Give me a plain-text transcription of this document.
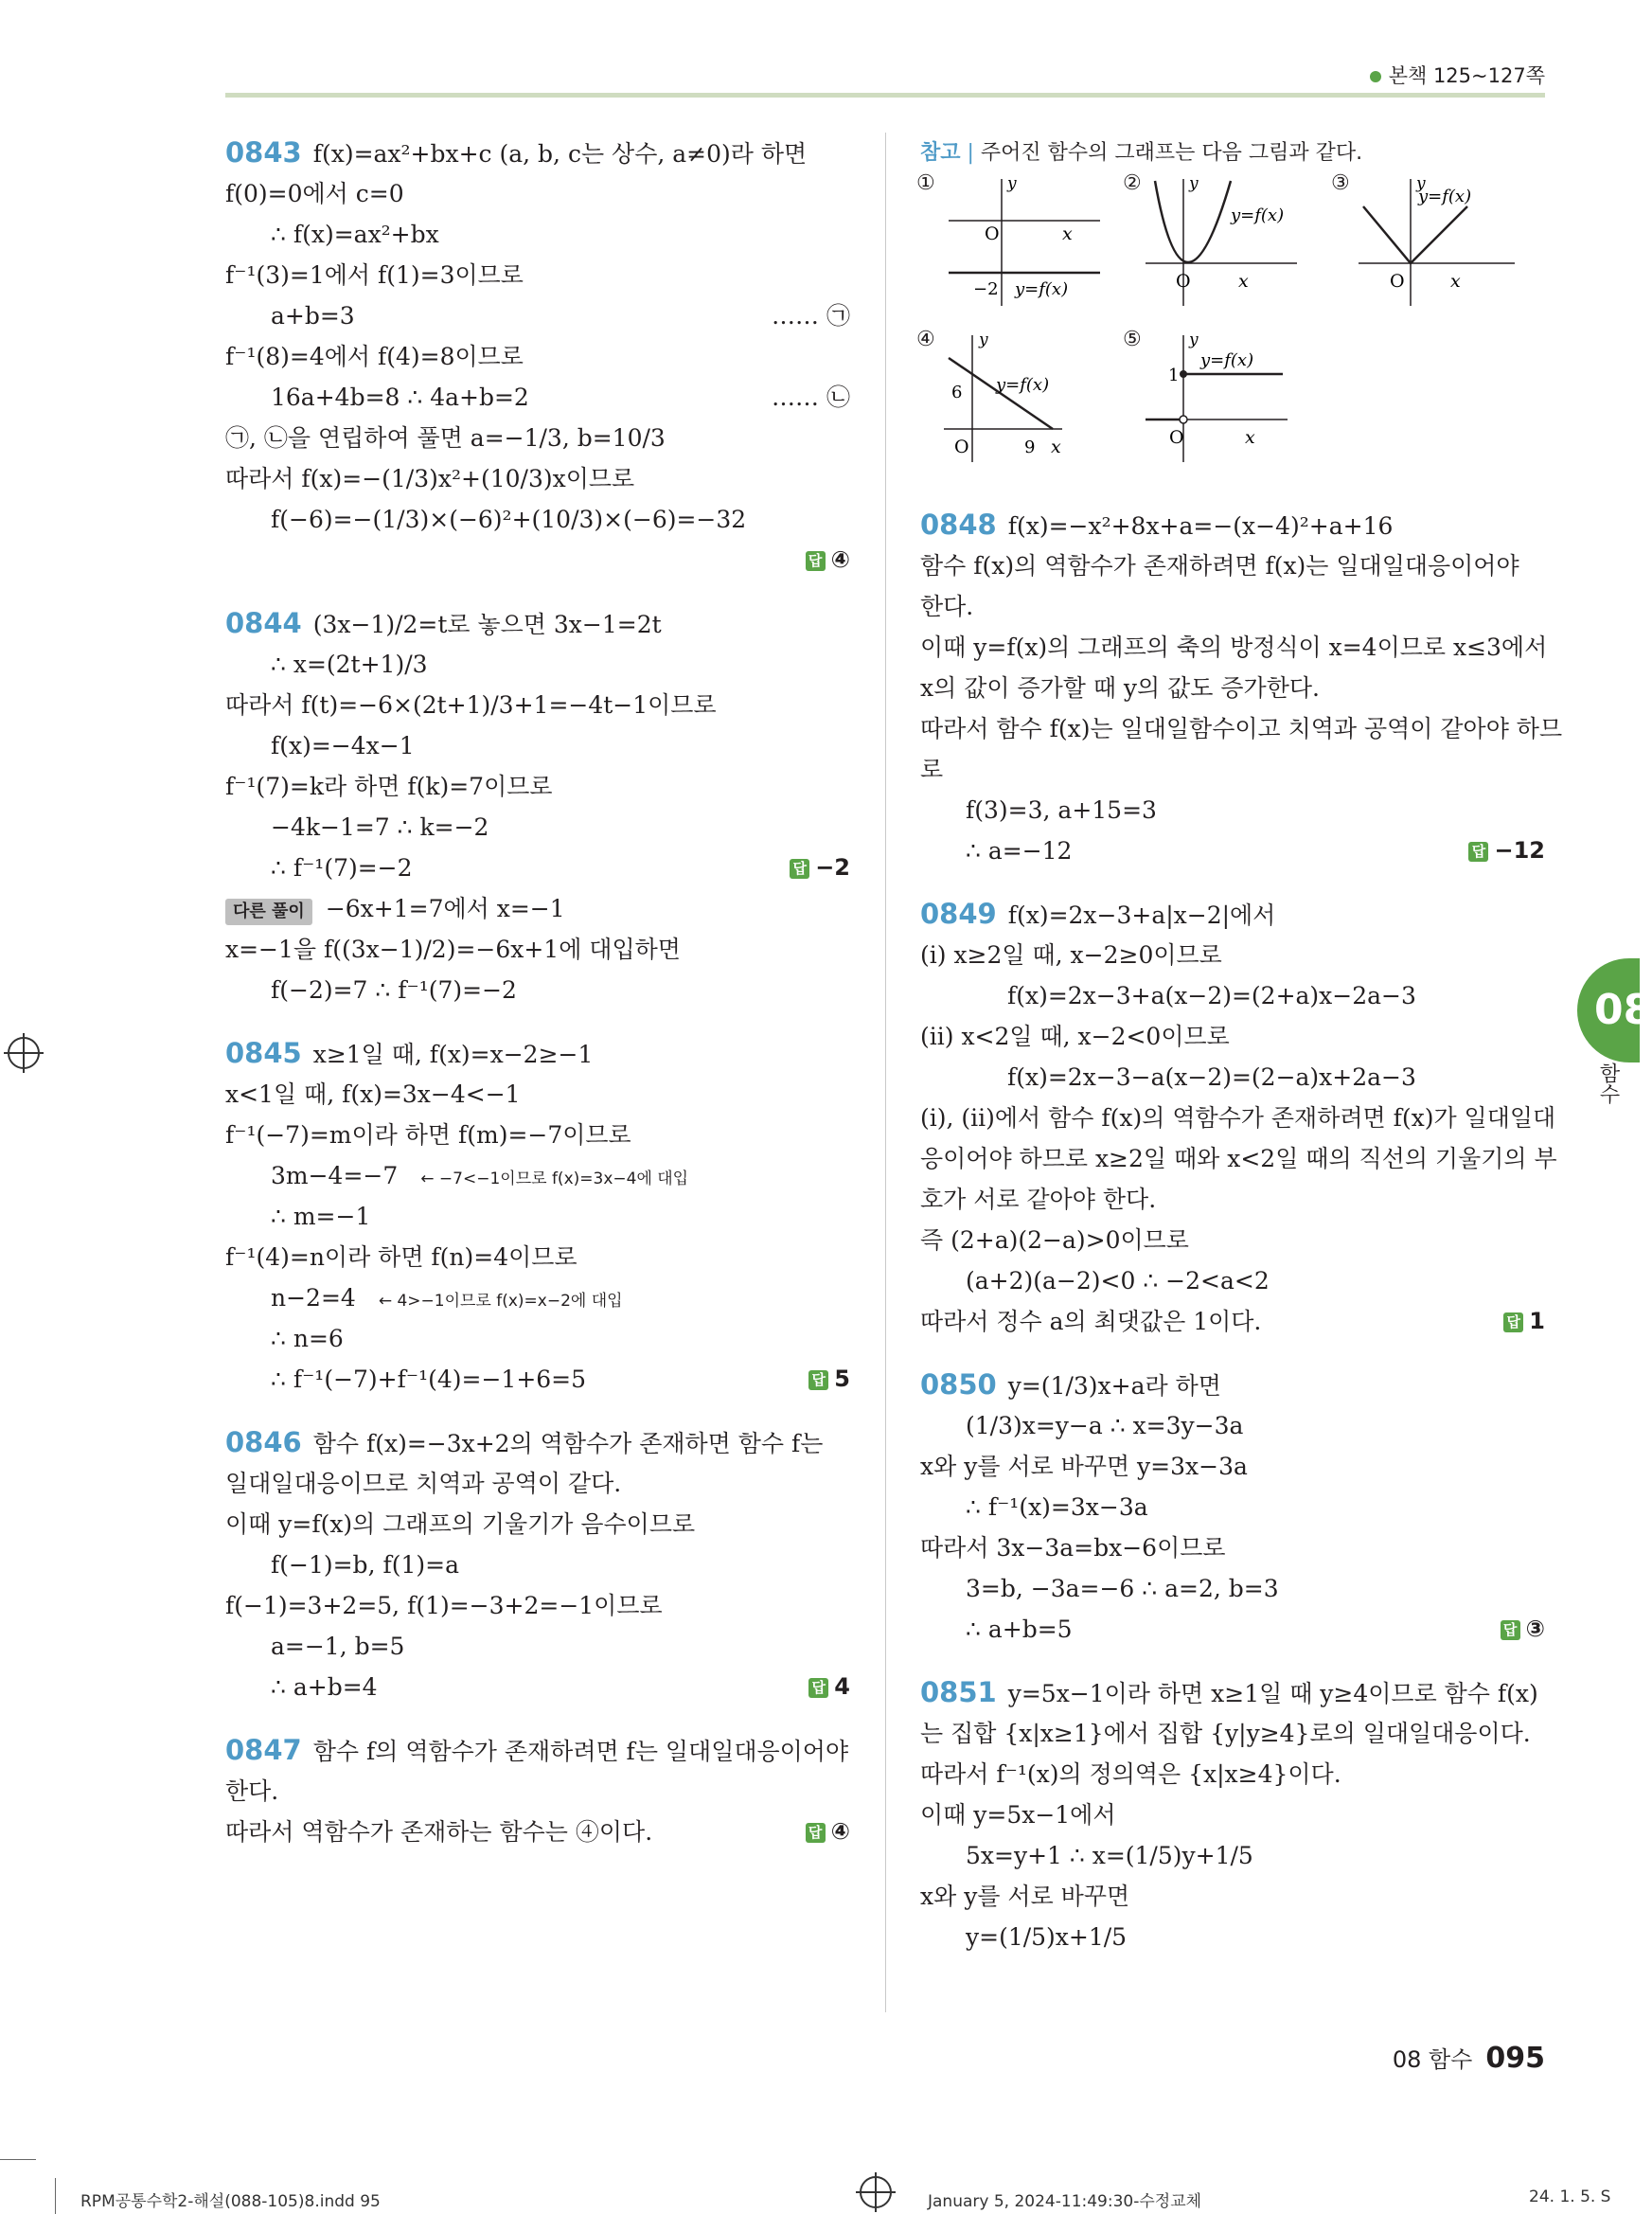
본책 125~127쪽
0843 f(x)=ax²+bx+c (a, b, c는 상수, a≠0)라 하면
f(0)=0에서 c=0
∴ f(x)=ax²+bx
f⁻¹(3)=1에서 f(1)=3이므로
a+b=3	…… ㉠
f⁻¹(8)=4에서 f(4)=8이므로
16a+4b=8 ∴ 4a+b=2	…… ㉡
㉠, ㉡을 연립하여 풀면 a=−1/3, b=10/3
따라서 f(x)=−(1/3)x²+(10/3)x이므로
f(−6)=−(1/3)×(−6)²+(10/3)×(−6)=−32
답 ④
0844 (3x−1)/2=t로 놓으면 3x−1=2t
∴ x=(2t+1)/3
따라서 f(t)=−6×(2t+1)/3+1=−4t−1이므로
f(x)=−4x−1
f⁻¹(7)=k라 하면 f(k)=7이므로
−4k−1=7 ∴ k=−2
∴ f⁻¹(7)=−2	답 −2
다른 풀이 −6x+1=7에서 x=−1
x=−1을 f((3x−1)/2)=−6x+1에 대입하면
f(−2)=7 ∴ f⁻¹(7)=−2
0845 x≥1일 때, f(x)=x−2≥−1
x<1일 때, f(x)=3x−4<−1
f⁻¹(−7)=m이라 하면 f(m)=−7이므로
3m−4=−7 ← −7<−1이므로 f(x)=3x−4에 대입
∴ m=−1
f⁻¹(4)=n이라 하면 f(n)=4이므로
n−2=4 ← 4>−1이므로 f(x)=x−2에 대입
∴ n=6
∴ f⁻¹(−7)+f⁻¹(4)=−1+6=5	답 5
0846 함수 f(x)=−3x+2의 역함수가 존재하면 함수 f는
일대일대응이므로 치역과 공역이 같다.
이때 y=f(x)의 그래프의 기울기가 음수이므로
f(−1)=b, f(1)=a
f(−1)=3+2=5, f(1)=−3+2=−1이므로
a=−1, b=5
∴ a+b=4	답 4
0847 함수 f의 역함수가 존재하려면 f는 일대일대응이어야
한다.
따라서 역함수가 존재하는 함수는 ④이다.	답 ④
참고 | 주어진 함수의 그래프는 다음 그림과 같다.
①	y
O	x
−2 y=f(x)
②	y
O	x
y=f(x)
③	y
O	x
y=f(x)
④	y
O
6
9 x
y=f(x)
⑤	y
1
O	x
y=f(x)
0848 f(x)=−x²+8x+a=−(x−4)²+a+16
함수 f(x)의 역함수가 존재하려면 f(x)는 일대일대응이어야
한다.
이때 y=f(x)의 그래프의 축의 방정식이 x=4이므로 x≤3에서
x의 값이 증가할 때 y의 값도 증가한다.
따라서 함수 f(x)는 일대일함수이고 치역과 공역이 같아야 하므
로
f(3)=3, a+15=3
∴ a=−12	답 −12
0849 f(x)=2x−3+a|x−2|에서
(i) x≥2일 때, x−2≥0이므로
f(x)=2x−3+a(x−2)=(2+a)x−2a−3
(ii) x<2일 때, x−2<0이므로
f(x)=2x−3−a(x−2)=(2−a)x+2a−3
(i), (ii)에서 함수 f(x)의 역함수가 존재하려면 f(x)가 일대일대
응이어야 하므로 x≥2일 때와 x<2일 때의 직선의 기울기의 부
호가 서로 같아야 한다.
즉 (2+a)(2−a)>0이므로
(a+2)(a−2)<0 ∴ −2<a<2
따라서 정수 a의 최댓값은 1이다.	답 1
0850 y=(1/3)x+a라 하면
(1/3)x=y−a ∴ x=3y−3a
x와 y를 서로 바꾸면 y=3x−3a
∴ f⁻¹(x)=3x−3a
따라서 3x−3a=bx−6이므로
3=b, −3a=−6 ∴ a=2, b=3
∴ a+b=5	답 ③
0851 y=5x−1이라 하면 x≥1일 때 y≥4이므로 함수 f(x)
는 집합 {x|x≥1}에서 집합 {y|y≥4}로의 일대일대응이다.
따라서 f⁻¹(x)의 정의역은 {x|x≥4}이다.
이때 y=5x−1에서
5x=y+1 ∴ x=(1/5)y+1/5
x와 y를 서로 바꾸면
y=(1/5)x+1/5
08
함수
08 함수 095
RPM공통수학2-해설(088-105)8.indd 95	January 5, 2024-11:49:30-수정교체	24. 1. 5. S
